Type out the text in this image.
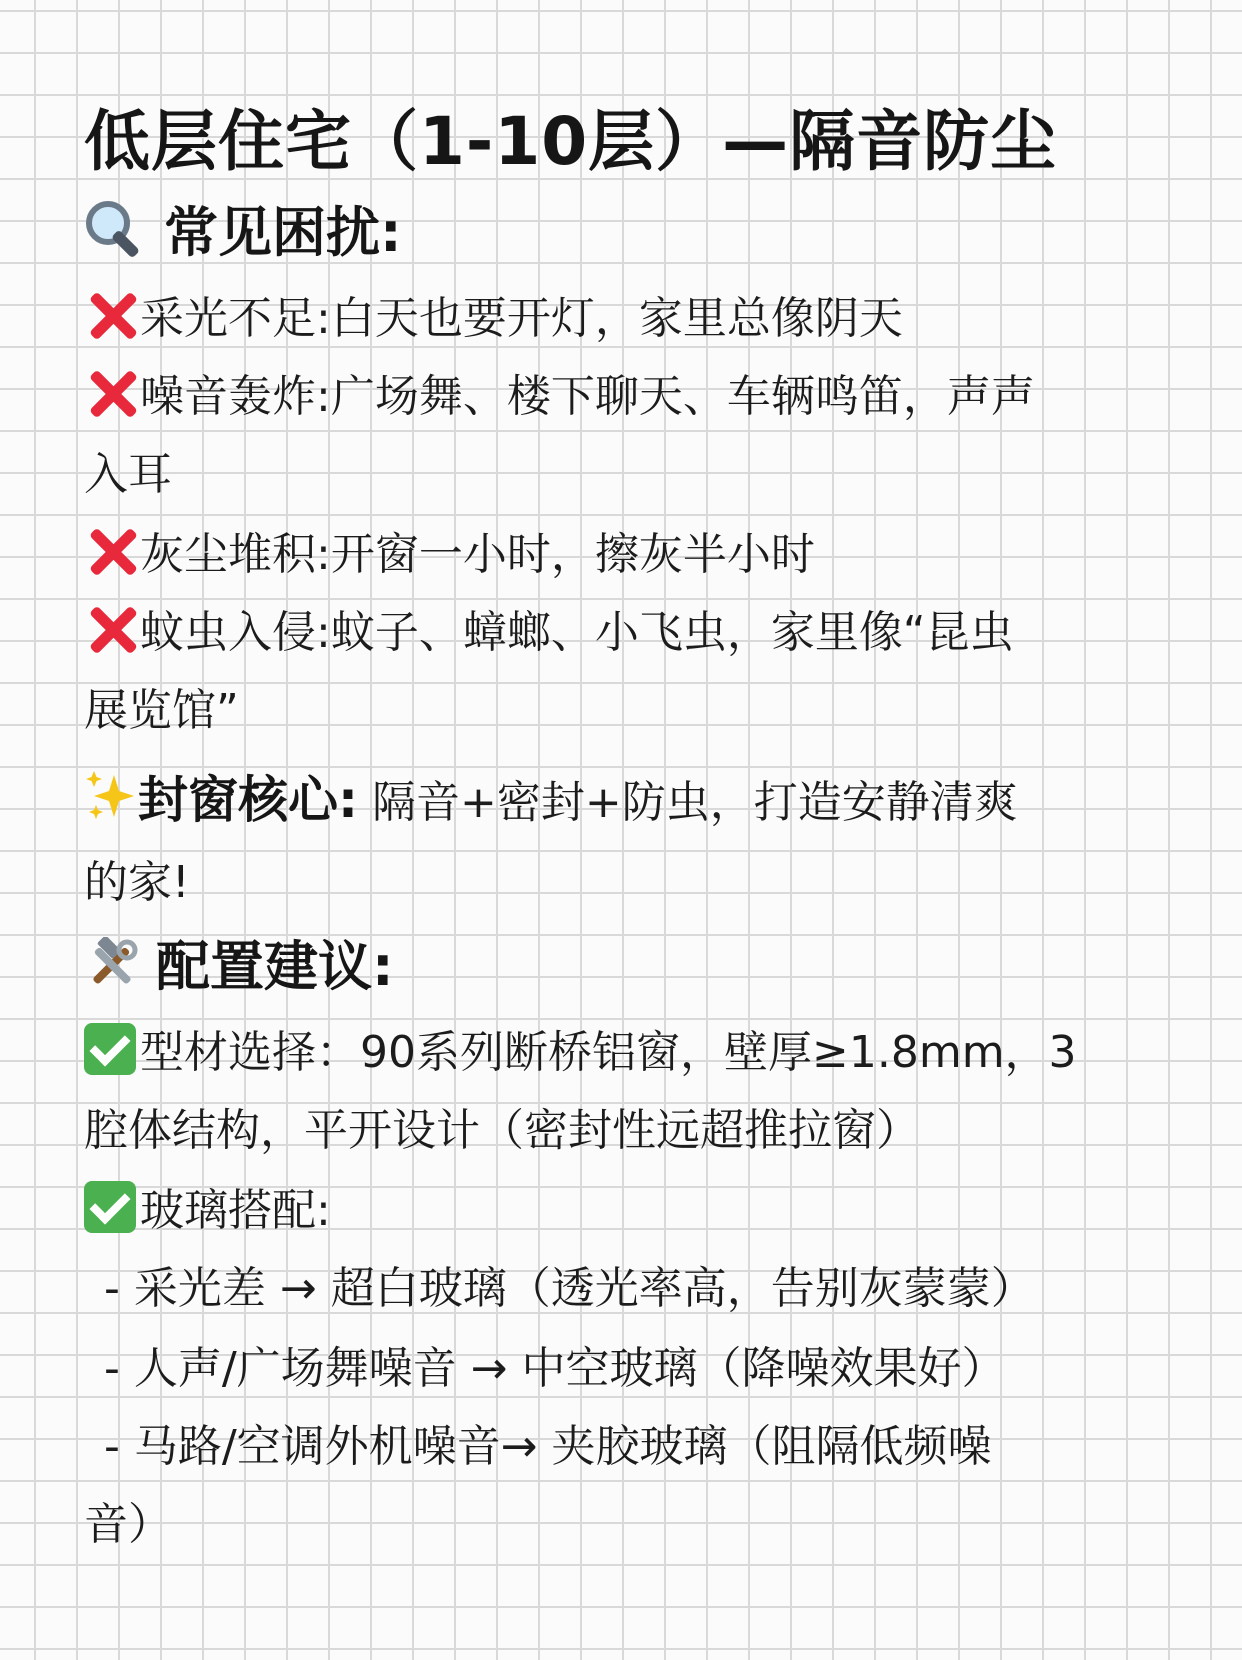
低层住宅（1-10层）—隔音防尘
常见困扰:
采光不足:白天也要开灯，家里总像阴天
噪音轰炸:广场舞、楼下聊天、车辆鸣笛，声声
入耳
灰尘堆积:开窗一小时，擦灰半小时
蚊虫入侵:蚊子、蟑螂、小飞虫，家里像“昆虫
展览馆”
封窗核心: 隔音+密封+防虫，打造安静清爽
的家!
配置建议:
型材选择：90系列断桥铝窗，壁厚≥1.8mm，3
腔体结构，平开设计（密封性远超推拉窗）
玻璃搭配:
- 采光差 → 超白玻璃（透光率高，告别灰蒙蒙）
- 人声/广场舞噪音 → 中空玻璃（降噪效果好）
- 马路/空调外机噪音→ 夹胶玻璃（阻隔低频噪
音）
